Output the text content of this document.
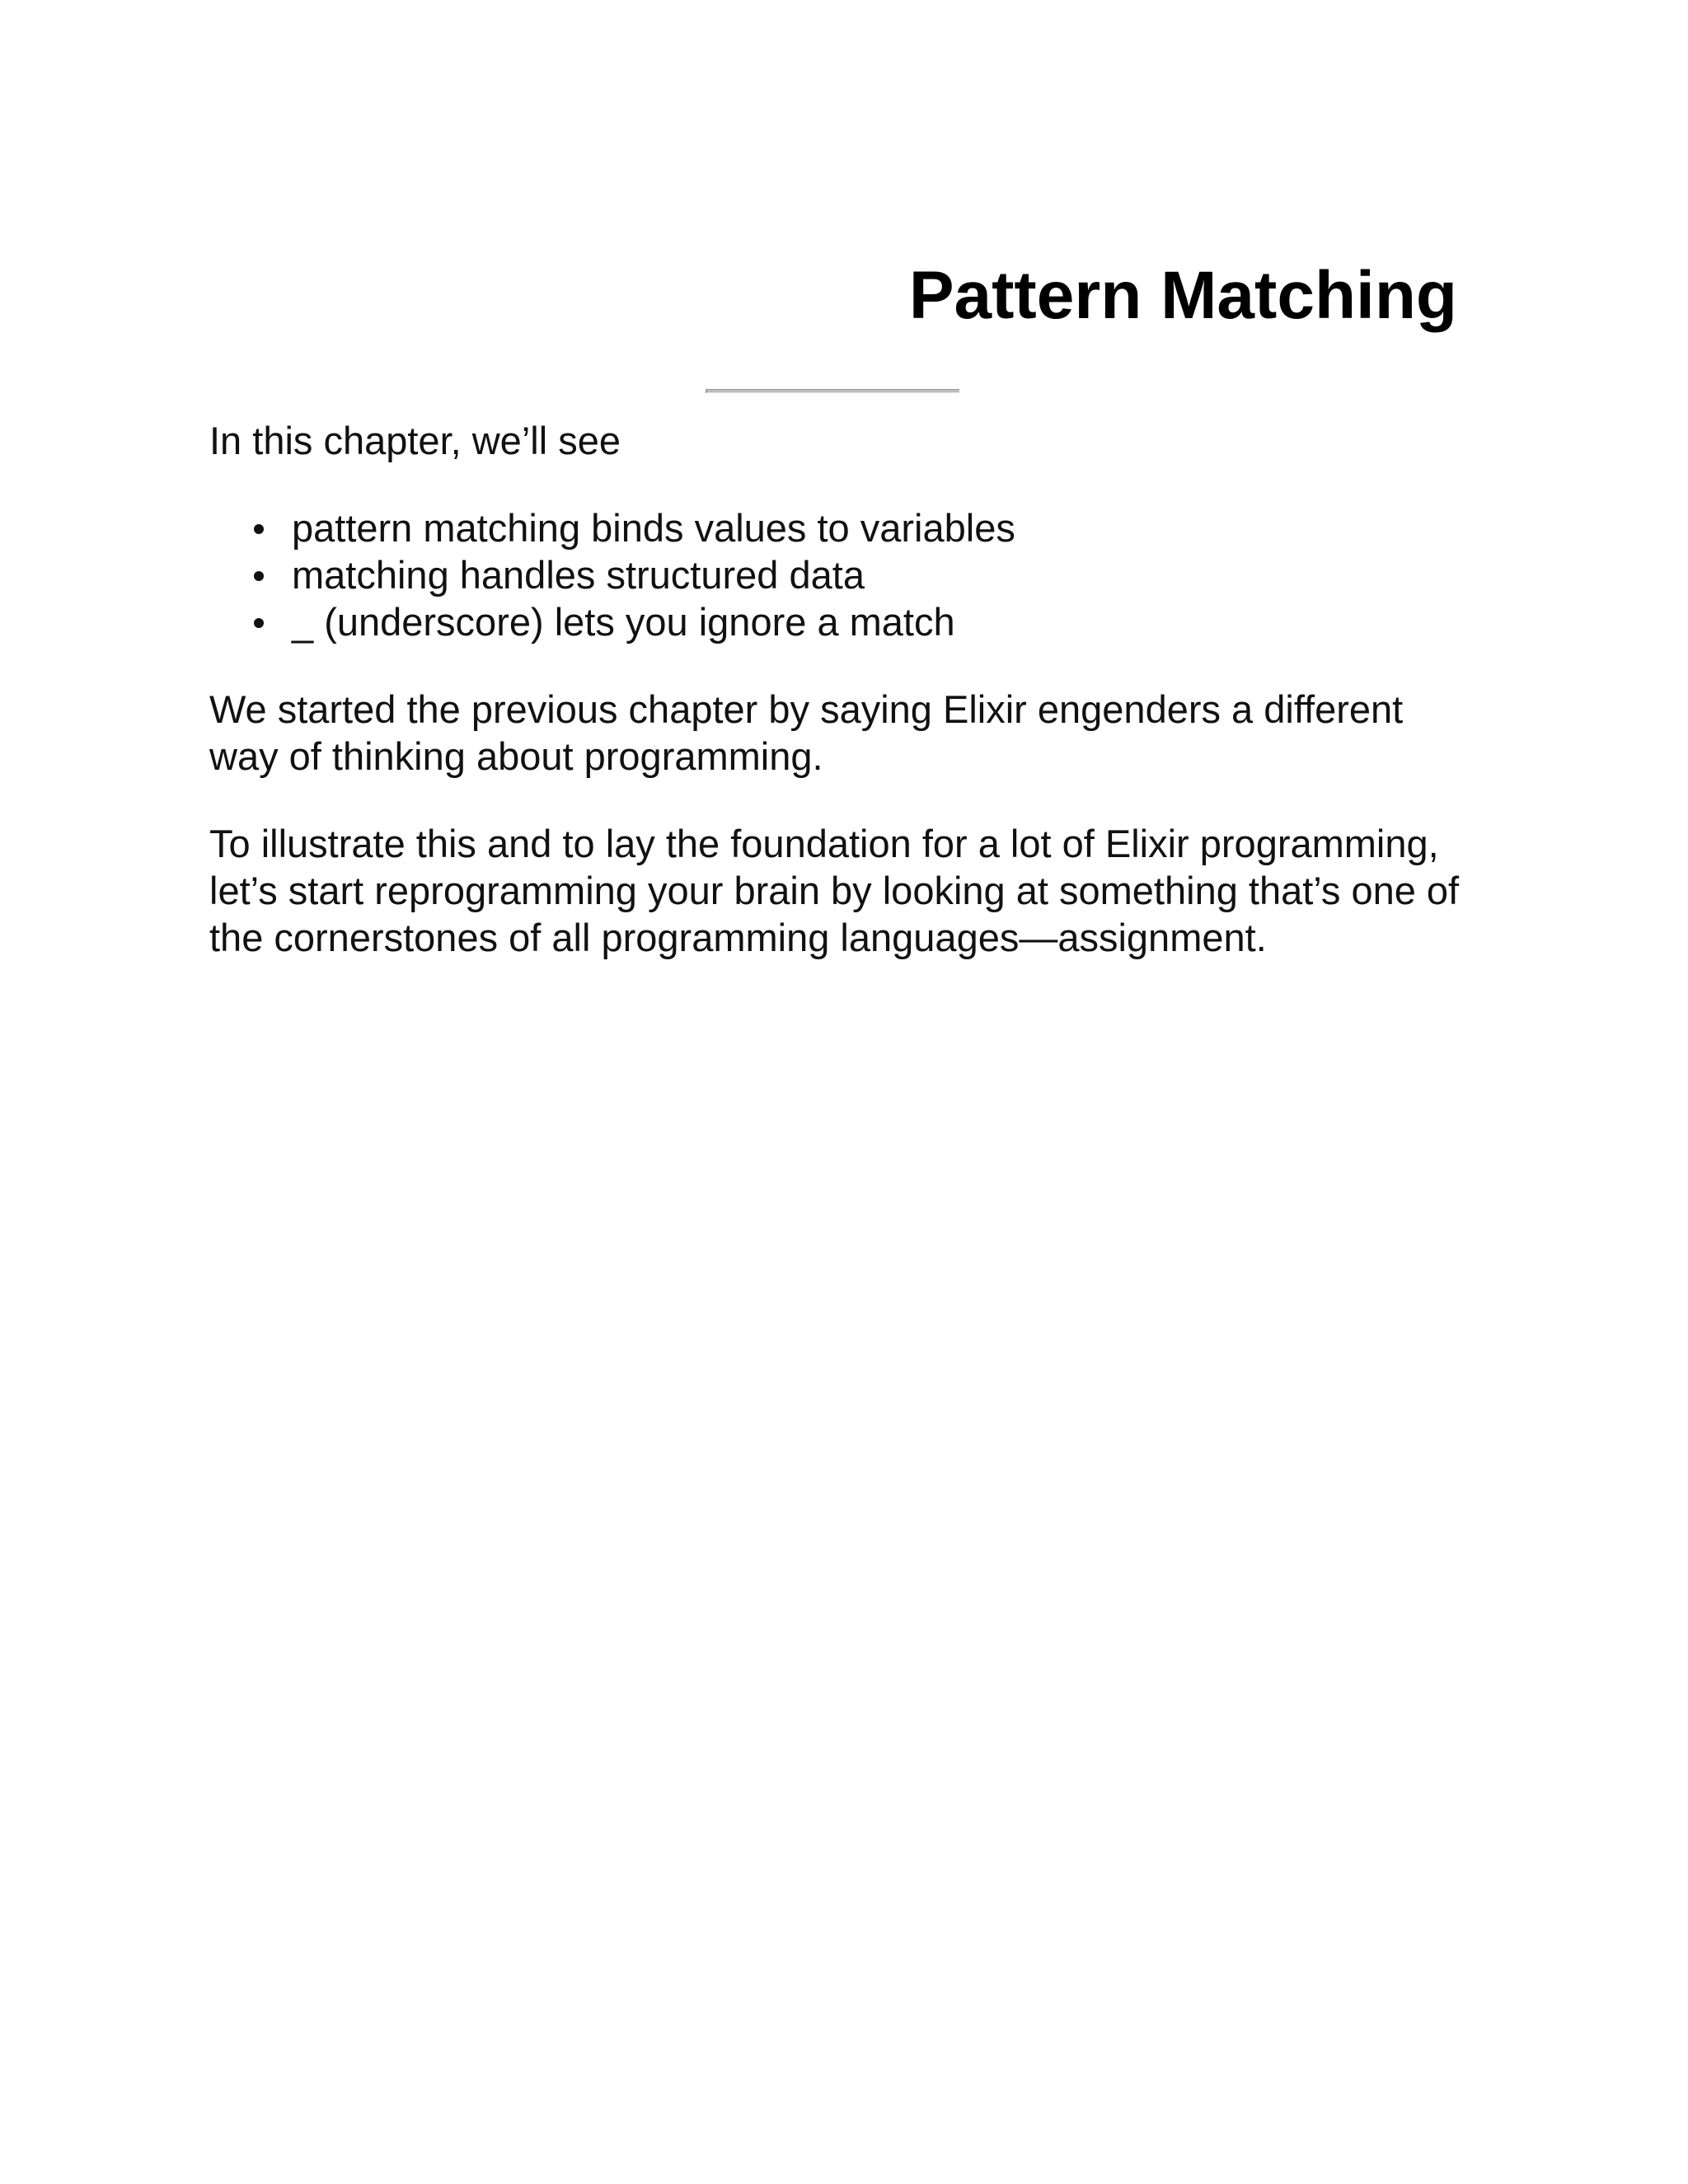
Pattern Matching

In this chapter, we’ll see

pattern matching binds values to variables
matching handles structured data
_ (underscore) lets you ignore a match

We started the previous chapter by saying Elixir engenders a different way of thinking about programming.

To illustrate this and to lay the foundation for a lot of Elixir programming, let’s start reprogramming your brain by looking at something that’s one of the cornerstones of all programming languages—assignment.
